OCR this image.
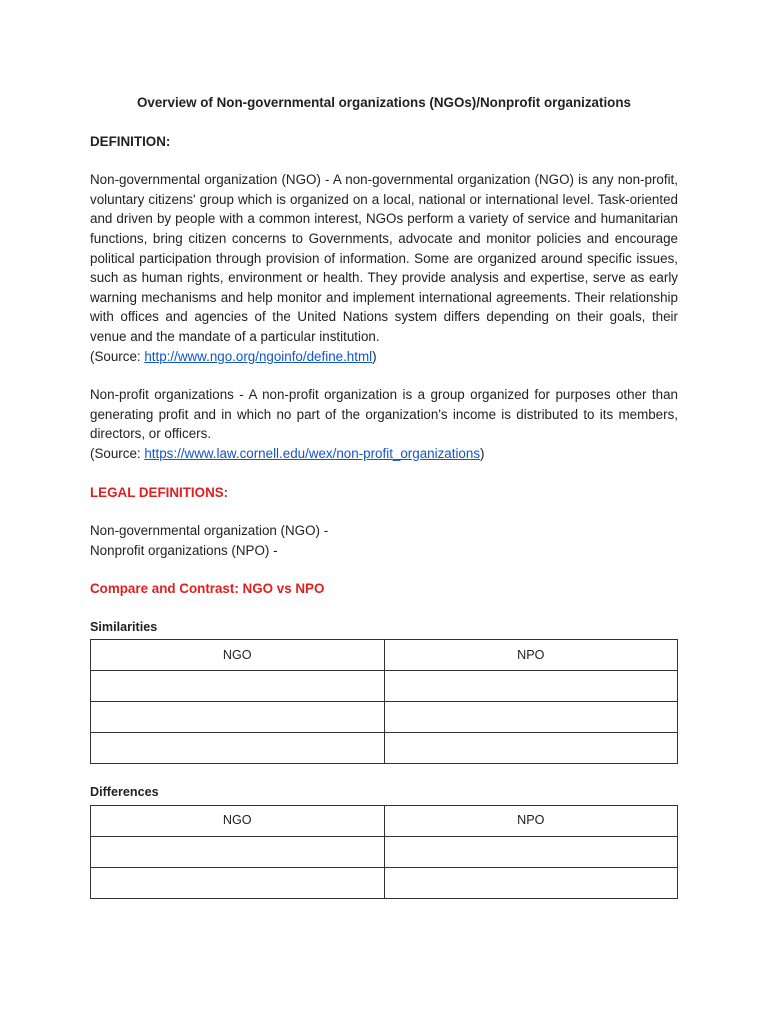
Overview of Non-governmental organizations (NGOs)/Nonprofit organizations

DEFINITION:

Non-governmental organization (NGO) - A non-governmental organization (NGO) is any non-profit, voluntary citizens' group which is organized on a local, national or international level. Task-oriented and driven by people with a common interest, NGOs perform a variety of service and humanitarian functions, bring citizen concerns to Governments, advocate and monitor policies and encourage political participation through provision of information. Some are organized around specific issues, such as human rights, environment or health. They provide analysis and expertise, serve as early warning mechanisms and help monitor and implement international agreements. Their relationship with offices and agencies of the United Nations system differs depending on their goals, their venue and the mandate of a particular institution.
(Source: http://www.ngo.org/ngoinfo/define.html)

Non-profit organizations - A non-profit organization is a group organized for purposes other than generating profit and in which no part of the organization's income is distributed to its members, directors, or officers.
(Source: https://www.law.cornell.edu/wex/non-profit_organizations)

LEGAL DEFINITIONS:

Non-governmental organization (NGO) -

Nonprofit organizations (NPO) -

Compare and Contrast: NGO vs NPO

Similarities

NGO	NPO

Differences

NGO	NPO
